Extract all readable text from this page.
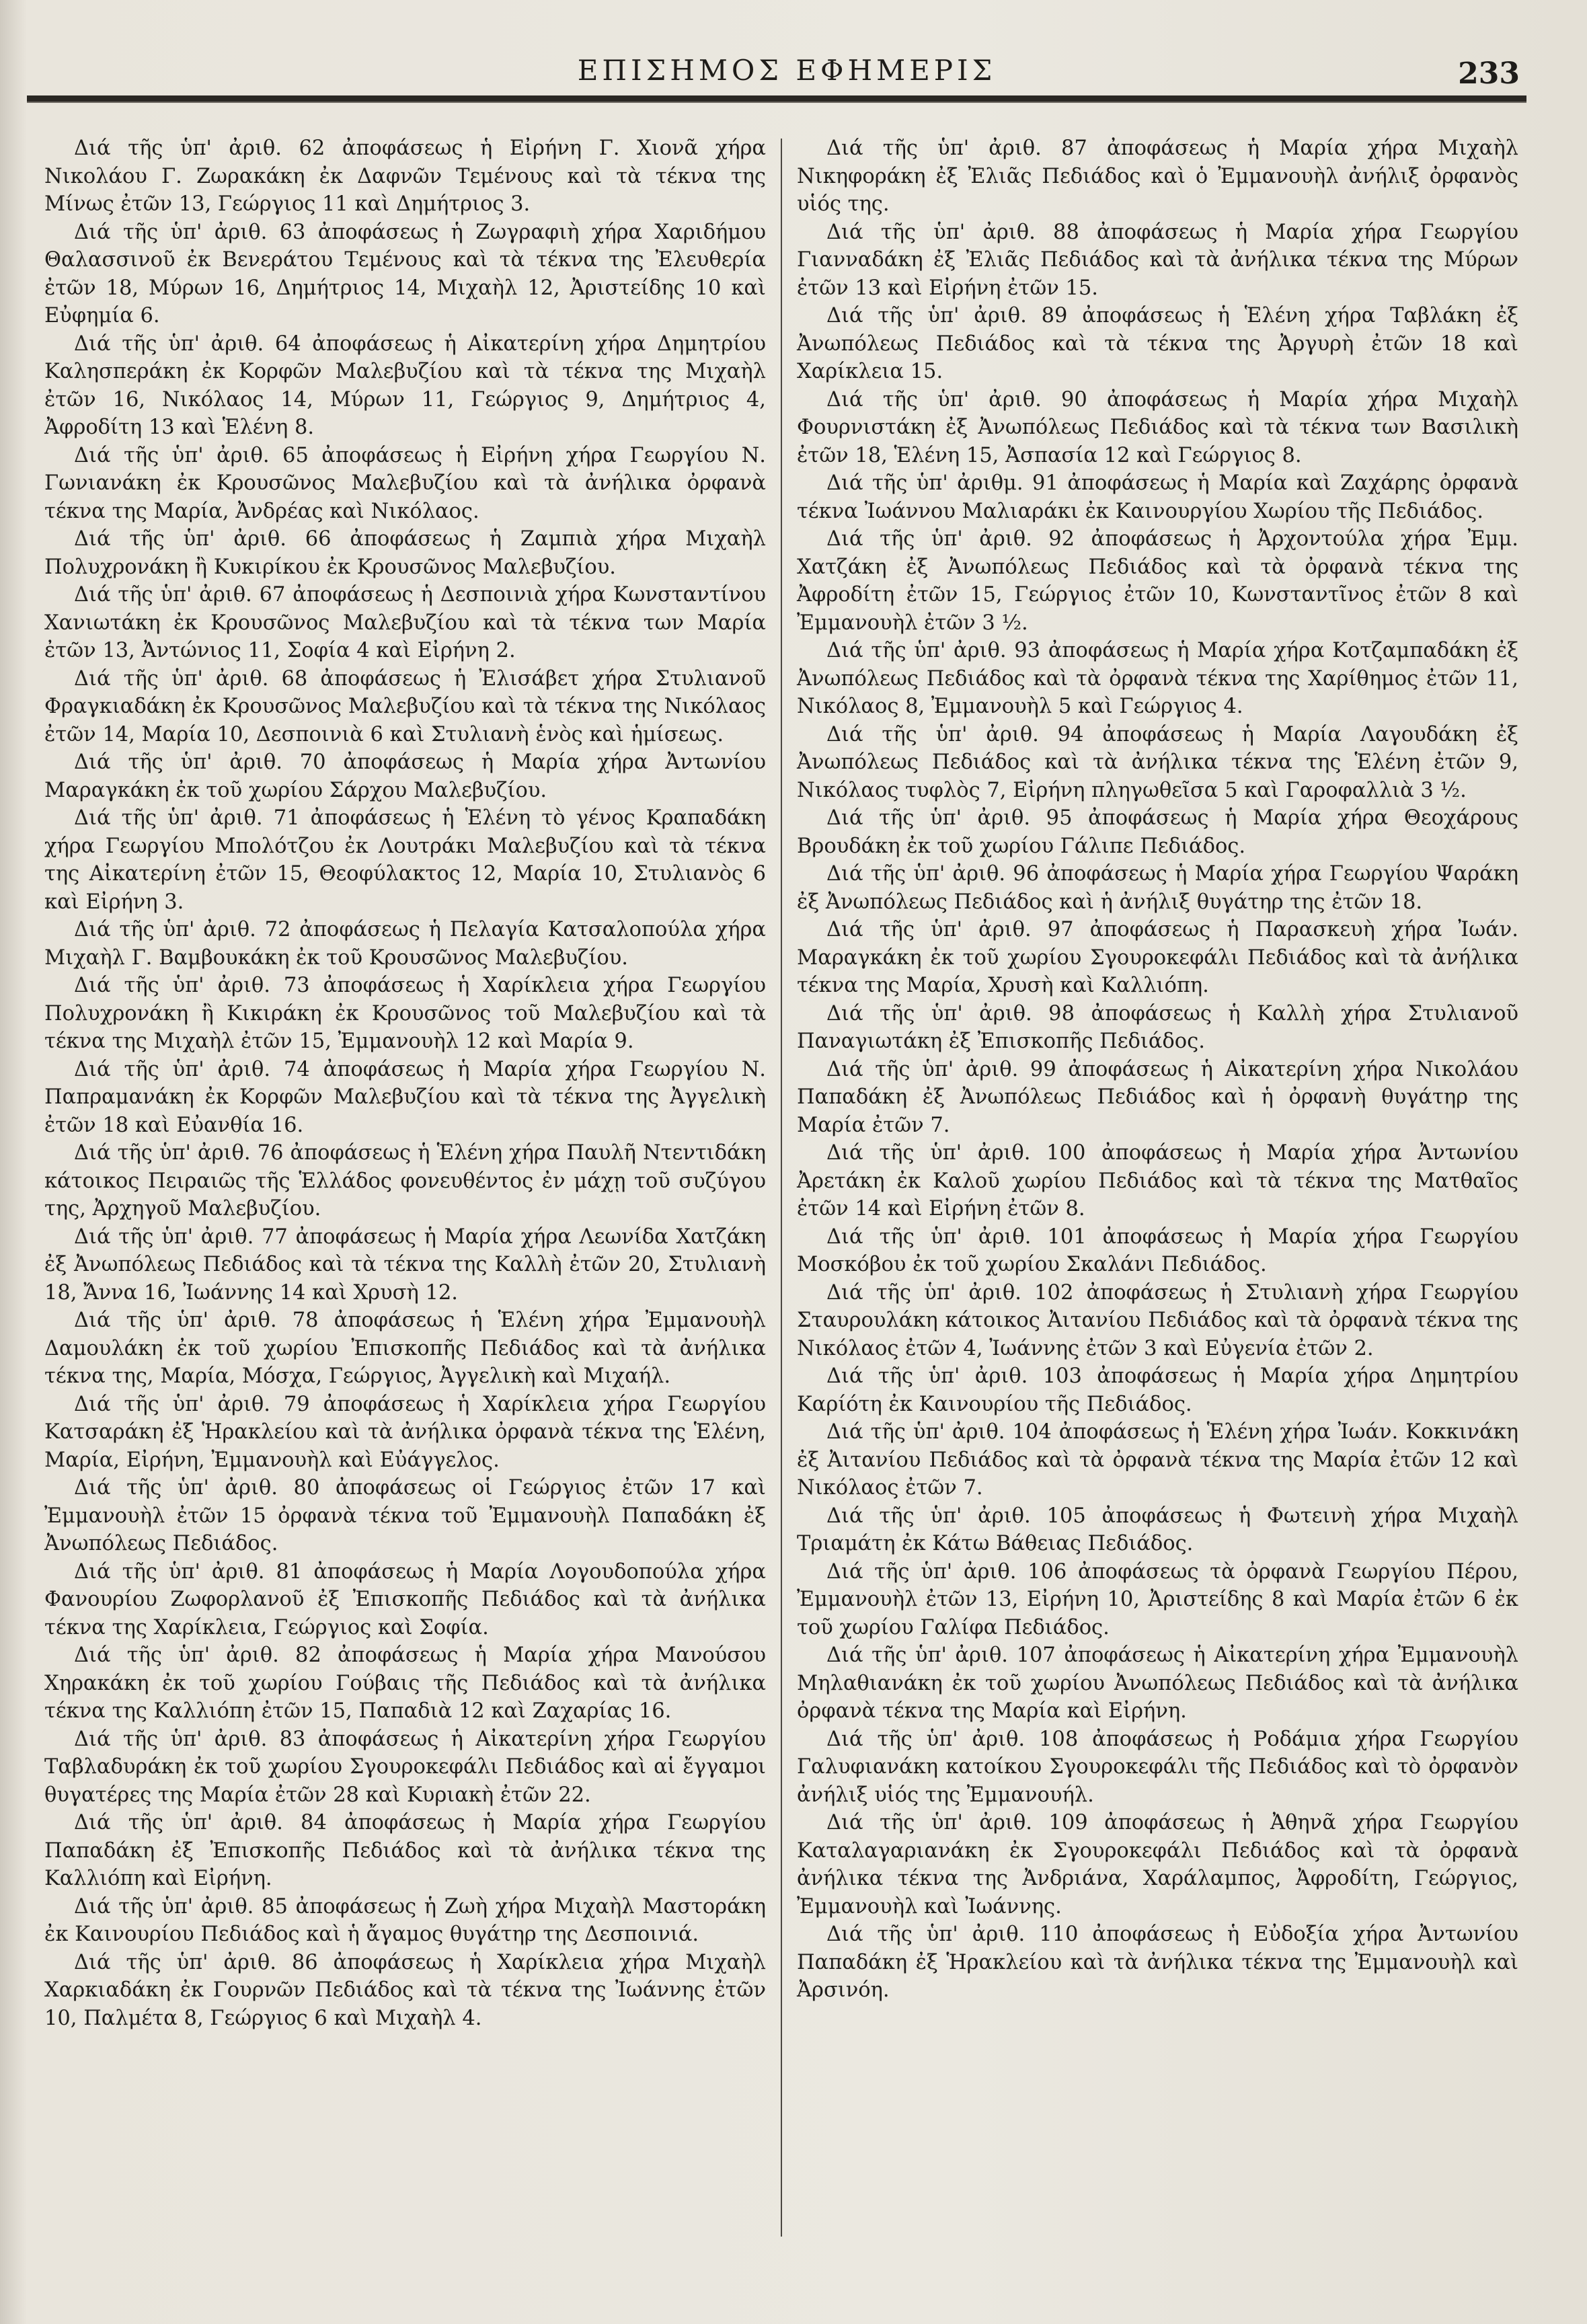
ΕΠΙΣΗΜΟΣ ΕΦΗΜΕΡΙΣ	233

Διά τῆς ὑπ' ἀριθ. 62 ἀποφάσεως ἡ Εἰρήνη Γ. Χιονᾶ χήρα Νικολάου Γ. Ζωρακάκη ἐκ Δαφνῶν Τεμένους καὶ τὰ τέκνα της Μίνως ἐτῶν 13, Γεώργιος 11 καὶ Δημήτριος 3.

Διά τῆς ὑπ' ἀριθ. 63 ἀποφάσεως ἡ Ζωγραφιὴ χήρα Χαριδήμου Θαλασσινοῦ ἐκ Βενεράτου Τεμένους καὶ τὰ τέκνα της Ἐλευθερία ἐτῶν 18, Μύρων 16, Δημήτριος 14, Μιχαὴλ 12, Ἀριστείδης 10 καὶ Εὐφημία 6.

Διά τῆς ὑπ' ἀριθ. 64 ἀποφάσεως ἡ Αἰκατερίνη χήρα Δημητρίου Καλησπεράκη ἐκ Κορφῶν Μαλεβυζίου καὶ τὰ τέκνα της Μιχαὴλ ἐτῶν 16, Νικόλαος 14, Μύρων 11, Γεώργιος 9, Δημήτριος 4, Ἀφροδίτη 13 καὶ Ἑλένη 8.

Διά τῆς ὑπ' ἀριθ. 65 ἀποφάσεως ἡ Εἰρήνη χήρα Γεωργίου Ν. Γωνιανάκη ἐκ Κρουσῶνος Μαλεβυζίου καὶ τὰ ἀνήλικα ὀρφανὰ τέκνα της Μαρία, Ἀνδρέας καὶ Νικόλαος.

Διά τῆς ὑπ' ἀριθ. 66 ἀποφάσεως ἡ Ζαμπιὰ χήρα Μιχαὴλ Πολυχρονάκη ἢ Κυκιρίκου ἐκ Κρουσῶνος Μαλεβυζίου.

Διά τῆς ὑπ' ἀριθ. 67 ἀποφάσεως ἡ Δεσποινιὰ χήρα Κωνσταντίνου Χανιωτάκη ἐκ Κρουσῶνος Μαλεβυζίου καὶ τὰ τέκνα των Μαρία ἐτῶν 13, Ἀντώνιος 11, Σοφία 4 καὶ Εἰρήνη 2.

Διά τῆς ὑπ' ἀριθ. 68 ἀποφάσεως ἡ Ἐλισάβετ χήρα Στυλιανοῦ Φραγκιαδάκη ἐκ Κρουσῶνος Μαλεβυζίου καὶ τὰ τέκνα της Νικόλαος ἐτῶν 14, Μαρία 10, Δεσποινιὰ 6 καὶ Στυλιανὴ ἑνὸς καὶ ἡμίσεως.

Διά τῆς ὑπ' ἀριθ. 70 ἀποφάσεως ἡ Μαρία χήρα Ἀντωνίου Μαραγκάκη ἐκ τοῦ χωρίου Σάρχου Μαλεβυζίου.

Διά τῆς ὑπ' ἀριθ. 71 ἀποφάσεως ἡ Ἑλένη τὸ γένος Κραπαδάκη χήρα Γεωργίου Μπολότζου ἐκ Λουτράκι Μαλεβυζίου καὶ τὰ τέκνα της Αἰκατερίνη ἐτῶν 15, Θεοφύλακτος 12, Μαρία 10, Στυλιανὸς 6 καὶ Εἰρήνη 3.

Διά τῆς ὑπ' ἀριθ. 72 ἀποφάσεως ἡ Πελαγία Κατσαλοπούλα χήρα Μιχαὴλ Γ. Βαμβουκάκη ἐκ τοῦ Κρουσῶνος Μαλεβυζίου.

Διά τῆς ὑπ' ἀριθ. 73 ἀποφάσεως ἡ Χαρίκλεια χήρα Γεωργίου Πολυχρονάκη ἢ Κικιράκη ἐκ Κρουσῶνος τοῦ Μαλεβυζίου καὶ τὰ τέκνα της Μιχαὴλ ἐτῶν 15, Ἐμμανουὴλ 12 καὶ Μαρία 9.

Διά τῆς ὑπ' ἀριθ. 74 ἀποφάσεως ἡ Μαρία χήρα Γεωργίου Ν. Παπραμανάκη ἐκ Κορφῶν Μαλεβυζίου καὶ τὰ τέκνα της Ἀγγελικὴ ἐτῶν 18 καὶ Εὐανθία 16.

Διά τῆς ὑπ' ἀριθ. 76 ἀποφάσεως ἡ Ἑλένη χήρα Παυλῆ Ντεντιδάκη κάτοικος Πειραιῶς τῆς Ἑλλάδος φονευθέντος ἐν μάχῃ τοῦ συζύγου της, Ἀρχηγοῦ Μαλεβυζίου.

Διά τῆς ὑπ' ἀριθ. 77 ἀποφάσεως ἡ Μαρία χήρα Λεωνίδα Χατζάκη ἐξ Ἀνωπόλεως Πεδιάδος καὶ τὰ τέκνα της Καλλὴ ἐτῶν 20, Στυλιανὴ 18, Ἄννα 16, Ἰωάννης 14 καὶ Χρυσὴ 12.

Διά τῆς ὑπ' ἀριθ. 78 ἀποφάσεως ἡ Ἑλένη χήρα Ἐμμανουὴλ Δαμουλάκη ἐκ τοῦ χωρίου Ἐπισκοπῆς Πεδιάδος καὶ τὰ ἀνήλικα τέκνα της, Μαρία, Μόσχα, Γεώργιος, Ἀγγελικὴ καὶ Μιχαήλ.

Διά τῆς ὑπ' ἀριθ. 79 ἀποφάσεως ἡ Χαρίκλεια χήρα Γεωργίου Κατσαράκη ἐξ Ἡρακλείου καὶ τὰ ἀνήλικα ὀρφανὰ τέκνα της Ἑλένη, Μαρία, Εἰρήνη, Ἐμμανουὴλ καὶ Εὐάγγελος.

Διά τῆς ὑπ' ἀριθ. 80 ἀποφάσεως οἱ Γεώργιος ἐτῶν 17 καὶ Ἐμμανουὴλ ἐτῶν 15 ὀρφανὰ τέκνα τοῦ Ἐμμανουὴλ Παπαδάκη ἐξ Ἀνωπόλεως Πεδιάδος.

Διά τῆς ὑπ' ἀριθ. 81 ἀποφάσεως ἡ Μαρία Λογουδοπούλα χήρα Φανουρίου Ζωφορλανοῦ ἐξ Ἐπισκοπῆς Πεδιάδος καὶ τὰ ἀνήλικα τέκνα της Χαρίκλεια, Γεώργιος καὶ Σοφία.

Διά τῆς ὑπ' ἀριθ. 82 ἀποφάσεως ἡ Μαρία χήρα Μανούσου Χηρακάκη ἐκ τοῦ χωρίου Γούβαις τῆς Πεδιάδος καὶ τὰ ἀνήλικα τέκνα της Καλλιόπη ἐτῶν 15, Παπαδιὰ 12 καὶ Ζαχαρίας 16.

Διά τῆς ὑπ' ἀριθ. 83 ἀποφάσεως ἡ Αἰκατερίνη χήρα Γεωργίου Ταβλαδυράκη ἐκ τοῦ χωρίου Σγουροκεφάλι Πεδιάδος καὶ αἱ ἔγγαμοι θυγατέρες της Μαρία ἐτῶν 28 καὶ Κυριακὴ ἐτῶν 22.

Διά τῆς ὑπ' ἀριθ. 84 ἀποφάσεως ἡ Μαρία χήρα Γεωργίου Παπαδάκη ἐξ Ἐπισκοπῆς Πεδιάδος καὶ τὰ ἀνήλικα τέκνα της Καλλιόπη καὶ Εἰρήνη.

Διά τῆς ὑπ' ἀριθ. 85 ἀποφάσεως ἡ Ζωὴ χήρα Μιχαὴλ Μαστοράκη ἐκ Καινουρίου Πεδιάδος καὶ ἡ ἄγαμος θυγάτηρ της Δεσποινιά.

Διά τῆς ὑπ' ἀριθ. 86 ἀποφάσεως ἡ Χαρίκλεια χήρα Μιχαὴλ Χαρκιαδάκη ἐκ Γουρνῶν Πεδιάδος καὶ τὰ τέκνα της Ἰωάννης ἐτῶν 10, Παλμέτα 8, Γεώργιος 6 καὶ Μιχαὴλ 4.

Διά τῆς ὑπ' ἀριθ. 87 ἀποφάσεως ἡ Μαρία χήρα Μιχαὴλ Νικηφοράκη ἐξ Ἐλιᾶς Πεδιάδος καὶ ὁ Ἐμμανουὴλ ἀνήλιξ ὀρφανὸς υἱός της.

Διά τῆς ὑπ' ἀριθ. 88 ἀποφάσεως ἡ Μαρία χήρα Γεωργίου Γιανναδάκη ἐξ Ἐλιᾶς Πεδιάδος καὶ τὰ ἀνήλικα τέκνα της Μύρων ἐτῶν 13 καὶ Εἰρήνη ἐτῶν 15.

Διά τῆς ὑπ' ἀριθ. 89 ἀποφάσεως ἡ Ἑλένη χήρα Ταβλάκη ἐξ Ἀνωπόλεως Πεδιάδος καὶ τὰ τέκνα της Ἀργυρὴ ἐτῶν 18 καὶ Χαρίκλεια 15.

Διά τῆς ὑπ' ἀριθ. 90 ἀποφάσεως ἡ Μαρία χήρα Μιχαὴλ Φουρνιστάκη ἐξ Ἀνωπόλεως Πεδιάδος καὶ τὰ τέκνα των Βασιλικὴ ἐτῶν 18, Ἑλένη 15, Ἀσπασία 12 καὶ Γεώργιος 8.

Διά τῆς ὑπ' ἀριθμ. 91 ἀποφάσεως ἡ Μαρία καὶ Ζαχάρης ὀρφανὰ τέκνα Ἰωάννου Μαλιαράκι ἐκ Καινουργίου Χωρίου τῆς Πεδιάδος.

Διά τῆς ὑπ' ἀριθ. 92 ἀποφάσεως ἡ Ἀρχοντούλα χήρα Ἐμμ. Χατζάκη ἐξ Ἀνωπόλεως Πεδιάδος καὶ τὰ ὀρφανὰ τέκνα της Ἀφροδίτη ἐτῶν 15, Γεώργιος ἐτῶν 10, Κωνσταντῖνος ἐτῶν 8 καὶ Ἐμμανουὴλ ἐτῶν 3 ½.

Διά τῆς ὑπ' ἀριθ. 93 ἀποφάσεως ἡ Μαρία χήρα Κοτζαμπαδάκη ἐξ Ἀνωπόλεως Πεδιάδος καὶ τὰ ὀρφανὰ τέκνα της Χαρίθημος ἐτῶν 11, Νικόλαος 8, Ἐμμανουὴλ 5 καὶ Γεώργιος 4.

Διά τῆς ὑπ' ἀριθ. 94 ἀποφάσεως ἡ Μαρία Λαγουδάκη ἐξ Ἀνωπόλεως Πεδιάδος καὶ τὰ ἀνήλικα τέκνα της Ἑλένη ἐτῶν 9, Νικόλαος τυφλὸς 7, Εἰρήνη πληγωθεῖσα 5 καὶ Γαροφαλλιὰ 3 ½.

Διά τῆς ὑπ' ἀριθ. 95 ἀποφάσεως ἡ Μαρία χήρα Θεοχάρους Βρουδάκη ἐκ τοῦ χωρίου Γάλιπε Πεδιάδος.

Διά τῆς ὑπ' ἀριθ. 96 ἀποφάσεως ἡ Μαρία χήρα Γεωργίου Ψαράκη ἐξ Ἀνωπόλεως Πεδιάδος καὶ ἡ ἀνήλιξ θυγάτηρ της ἐτῶν 18.

Διά τῆς ὑπ' ἀριθ. 97 ἀποφάσεως ἡ Παρασκευὴ χήρα Ἰωάν. Μαραγκάκη ἐκ τοῦ χωρίου Σγουροκεφάλι Πεδιάδος καὶ τὰ ἀνήλικα τέκνα της Μαρία, Χρυσὴ καὶ Καλλιόπη.

Διά τῆς ὑπ' ἀριθ. 98 ἀποφάσεως ἡ Καλλὴ χήρα Στυλιανοῦ Παναγιωτάκη ἐξ Ἐπισκοπῆς Πεδιάδος.

Διά τῆς ὑπ' ἀριθ. 99 ἀποφάσεως ἡ Αἰκατερίνη χήρα Νικολάου Παπαδάκη ἐξ Ἀνωπόλεως Πεδιάδος καὶ ἡ ὀρφανὴ θυγάτηρ της Μαρία ἐτῶν 7.

Διά τῆς ὑπ' ἀριθ. 100 ἀποφάσεως ἡ Μαρία χήρα Ἀντωνίου Ἀρετάκη ἐκ Καλοῦ χωρίου Πεδιάδος καὶ τὰ τέκνα της Ματθαῖος ἐτῶν 14 καὶ Εἰρήνη ἐτῶν 8.

Διά τῆς ὑπ' ἀριθ. 101 ἀποφάσεως ἡ Μαρία χήρα Γεωργίου Μοσκόβου ἐκ τοῦ χωρίου Σκαλάνι Πεδιάδος.

Διά τῆς ὑπ' ἀριθ. 102 ἀποφάσεως ἡ Στυλιανὴ χήρα Γεωργίου Σταυρουλάκη κάτοικος Ἀιτανίου Πεδιάδος καὶ τὰ ὀρφανὰ τέκνα της Νικόλαος ἐτῶν 4, Ἰωάννης ἐτῶν 3 καὶ Εὐγενία ἐτῶν 2.

Διά τῆς ὑπ' ἀριθ. 103 ἀποφάσεως ἡ Μαρία χήρα Δημητρίου Καρίότη ἐκ Καινουρίου τῆς Πεδιάδος.

Διά τῆς ὑπ' ἀριθ. 104 ἀποφάσεως ἡ Ἑλένη χήρα Ἰωάν. Κοκκινάκη ἐξ Ἀιτανίου Πεδιάδος καὶ τὰ ὀρφανὰ τέκνα της Μαρία ἐτῶν 12 καὶ Νικόλαος ἐτῶν 7.

Διά τῆς ὑπ' ἀριθ. 105 ἀποφάσεως ἡ Φωτεινὴ χήρα Μιχαὴλ Τριαμάτη ἐκ Κάτω Βάθειας Πεδιάδος.

Διά τῆς ὑπ' ἀριθ. 106 ἀποφάσεως τὰ ὀρφανὰ Γεωργίου Πέρου, Ἐμμανουὴλ ἐτῶν 13, Εἰρήνη 10, Ἀριστείδης 8 καὶ Μαρία ἐτῶν 6 ἐκ τοῦ χωρίου Γαλίφα Πεδιάδος.

Διά τῆς ὑπ' ἀριθ. 107 ἀποφάσεως ἡ Αἰκατερίνη χήρα Ἐμμανουὴλ Μηλαθιανάκη ἐκ τοῦ χωρίου Ἀνωπόλεως Πεδιάδος καὶ τὰ ἀνήλικα ὀρφανὰ τέκνα της Μαρία καὶ Εἰρήνη.

Διά τῆς ὑπ' ἀριθ. 108 ἀποφάσεως ἡ Ροδάμια χήρα Γεωργίου Γαλυφιανάκη κατοίκου Σγουροκεφάλι τῆς Πεδιάδος καὶ τὸ ὀρφανὸν ἀνήλιξ υἱός της Ἐμμανουήλ.

Διά τῆς ὑπ' ἀριθ. 109 ἀποφάσεως ἡ Ἀθηνᾶ χήρα Γεωργίου Καταλαγαριανάκη ἐκ Σγουροκεφάλι Πεδιάδος καὶ τὰ ὀρφανὰ ἀνήλικα τέκνα της Ἀνδριάνα, Χαράλαμπος, Ἀφροδίτη, Γεώργιος, Ἐμμανουὴλ καὶ Ἰωάννης.

Διά τῆς ὑπ' ἀριθ. 110 ἀποφάσεως ἡ Εὐδοξία χήρα Ἀντωνίου Παπαδάκη ἐξ Ἡρακλείου καὶ τὰ ἀνήλικα τέκνα της Ἐμμανουὴλ καὶ Ἀρσινόη.
